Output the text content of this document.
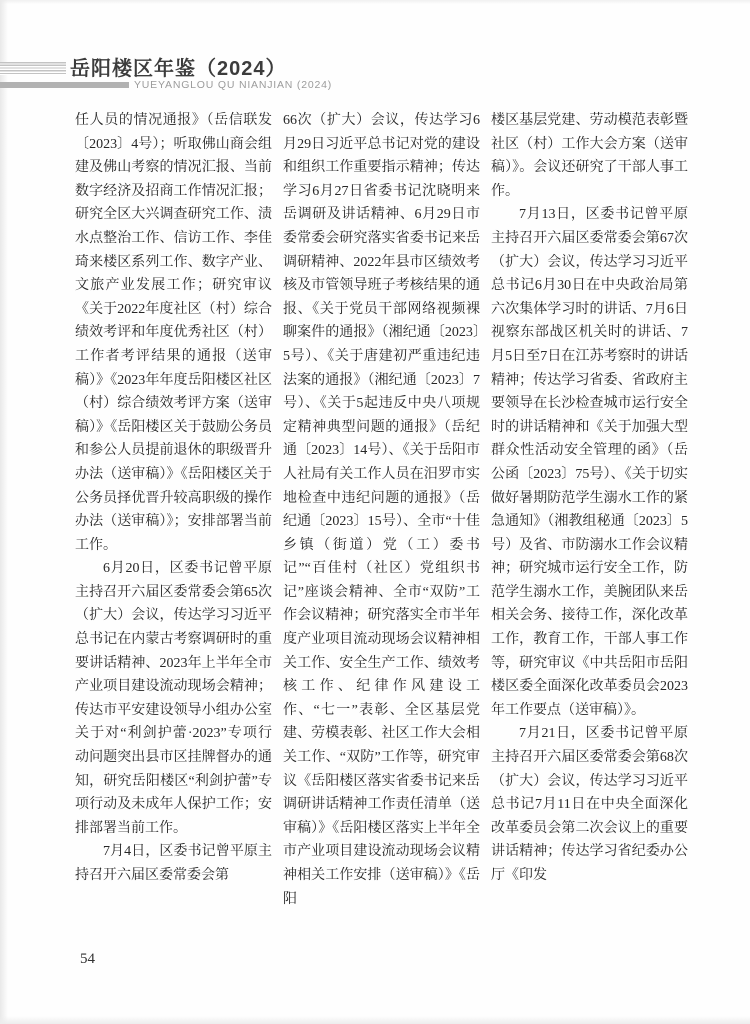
岳阳楼区年鉴（2024）
YUEYANGLOU QU NIANJIAN (2024)

任人员的情况通报》（岳信联发〔2023〕4号）；听取佛山商会组建及佛山考察的情况汇报、当前数字经济及招商工作情况汇报；研究全区大兴调查研究工作、渍水点整治工作、信访工作、李佳琦来楼区系列工作、数字产业、文旅产业发展工作；研究审议《关于2022年度社区（村）综合绩效考评和年度优秀社区（村）工作者考评结果的通报（送审稿）》《2023年年度岳阳楼区社区（村）综合绩效考评方案（送审稿）》《岳阳楼区关于鼓励公务员和参公人员提前退休的职级晋升办法（送审稿）》《岳阳楼区关于公务员择优晋升较高职级的操作办法（送审稿）》；安排部署当前工作。

6月20日，区委书记曾平原主持召开六届区委常委会第65次（扩大）会议，传达学习习近平总书记在内蒙古考察调研时的重要讲话精神、2023年上半年全市产业项目建设流动现场会精神；传达市平安建设领导小组办公室关于对“利剑护蕾·2023”专项行动问题突出县市区挂牌督办的通知，研究岳阳楼区“利剑护蕾”专项行动及未成年人保护工作；安排部署当前工作。

7月4日，区委书记曾平原主持召开六届区委常委会第

66次（扩大）会议，传达学习6月29日习近平总书记对党的建设和组织工作重要指示精神；传达学习6月27日省委书记沈晓明来岳调研及讲话精神、6月29日市委常委会研究落实省委书记来岳调研精神、2022年县市区绩效考核及市管领导班子考核结果的通报、《关于党员干部网络视频裸聊案件的通报》（湘纪通〔2023〕5号）、《关于唐建初严重违纪违法案的通报》（湘纪通〔2023〕7号）、《关于5起违反中央八项规定精神典型问题的通报》（岳纪通〔2023〕14号）、《关于岳阳市人社局有关工作人员在汨罗市实地检查中违纪问题的通报》（岳纪通〔2023〕15号）、全市“十佳乡镇（街道）党（工）委书记”“百佳村（社区）党组织书记”座谈会精神、全市“双防”工作会议精神；研究落实全市半年度产业项目流动现场会议精神相关工作、安全生产工作、绩效考核工作、纪律作风建设工作、“七一”表彰、全区基层党建、劳模表彰、社区工作大会相关工作、“双防”工作等，研究审议《岳阳楼区落实省委书记来岳调研讲话精神工作责任清单（送审稿）》《岳阳楼区落实上半年全市产业项目建设流动现场会议精神相关工作安排（送审稿）》《岳阳

楼区基层党建、劳动模范表彰暨社区（村）工作大会方案（送审稿）》。会议还研究了干部人事工作。

7月13日，区委书记曾平原主持召开六届区委常委会第67次（扩大）会议，传达学习习近平总书记6月30日在中央政治局第六次集体学习时的讲话、7月6日视察东部战区机关时的讲话、7月5日至7日在江苏考察时的讲话精神；传达学习省委、省政府主要领导在长沙检查城市运行安全时的讲话精神和《关于加强大型群众性活动安全管理的函》（岳公函〔2023〕75号）、《关于切实做好暑期防范学生溺水工作的紧急通知》（湘教组秘通〔2023〕5号）及省、市防溺水工作会议精神；研究城市运行安全工作，防范学生溺水工作，美腕团队来岳相关会务、接待工作，深化改革工作，教育工作，干部人事工作等，研究审议《中共岳阳市岳阳楼区委全面深化改革委员会2023年工作要点（送审稿）》。

7月21日，区委书记曾平原主持召开六届区委常委会第68次（扩大）会议，传达学习习近平总书记7月11日在中央全面深化改革委员会第二次会议上的重要讲话精神；传达学习省纪委办公厅《印发

54
